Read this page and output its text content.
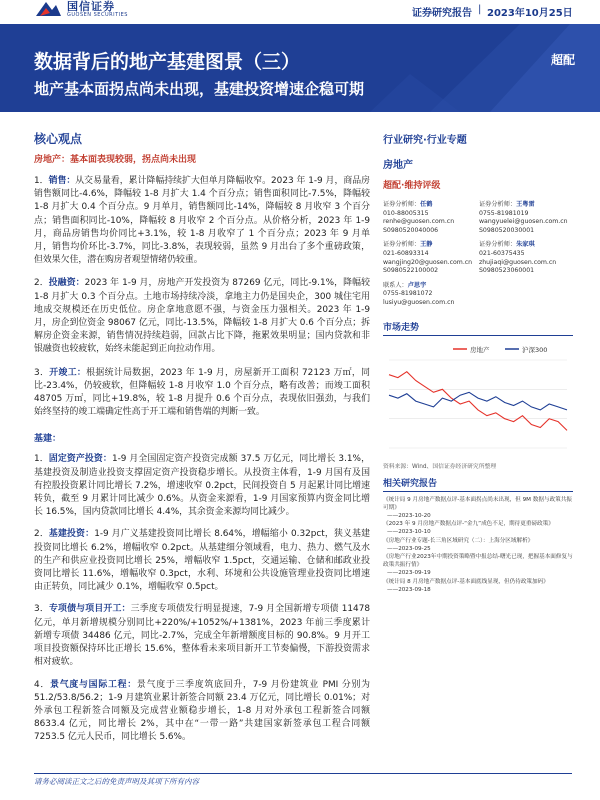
国信证券
GUOSEN SECURITIES	证券研究报告 | 2023年10月25日
数据背后的地产基建图景（三）
地产基本面拐点尚未出现，基建投资增速企稳可期
超配
核心观点
房地产：基本面表现较弱，拐点尚未出现

1．销售：从交易量看，累计降幅持续扩大但单月降幅收窄。2023 年 1-9 月，商品房销售额同比-4.6%，降幅较 1-8 月扩大 1.4 个百分点；销售面积同比-7.5%，降幅较 1-8 月扩大 0.4 个百分点。9 月单月，销售额同比-14%，降幅较 8 月收窄 3 个百分点；销售面积同比-10%，降幅较 8 月收窄 2 个百分点。从价格分析，2023 年 1-9 月，商品房销售均价同比+3.1%，较 1-8 月收窄了 1 个百分点；2023 年 9 月单月，销售均价环比-3.7%，同比-3.8%，表现较弱，虽然 9 月出台了多个重磅政策，但效果欠佳，潜在购房者观望情绪仍较重。

2．投融资：2023 年 1-9 月，房地产开发投资为 87269 亿元，同比-9.1%，降幅较 1-8 月扩大 0.3 个百分点。土地市场持续冷淡，拿地主力仍是国央企，300 城住宅用地成交规模还在历史低位。房企拿地意愿不强，与资金压力强相关。2023 年 1-9 月，房企到位资金 98067 亿元，同比-13.5%，降幅较 1-8 月扩大 0.6 个百分点；拆解房企资金来源，销售情况持续趋弱，回款占比下降，拖累效果明显；国内贷款和非银融资也较疲软，始终未能起到正向拉动作用。

3．开竣工：根据统计局数据，2023 年 1-9 月，房屋新开工面积 72123 万㎡，同比-23.4%，仍较疲软，但降幅较 1-8 月收窄 1.0 个百分点，略有改善；而竣工面积 48705 万㎡，同比+19.8%，较 1-8 月提升 0.6 个百分点，表现依旧强劲，与我们始终坚持的竣工端确定性高于开工端和销售端的判断一致。

基建：

1．固定资产投资：1-9 月全国固定资产投资完成额 37.5 万亿元，同比增长 3.1%，基建投资及制造业投资支撑固定资产投资稳步增长。从投资主体看，1-9 月国有及国有控股投资累计同比增长 7.2%，增速收窄 0.2pct，民间投资自 5 月起累计同比增速转负，截至 9 月累计同比减少 0.6%。从资金来源看，1-9 月国家预算内资金同比增长 16.5%，国内贷款同比增长 4.4%，其余资金来源均同比减少。

2．基建投资：1-9 月广义基建投资同比增长 8.64%，增幅缩小 0.32pct，狭义基建投资同比增长 6.2%，增幅收窄 0.2pct。从基建细分领域看，电力、热力、燃气及水的生产和供应业投资同比增长 25%，增幅收窄 1.5pct，交通运输、仓储和邮政业投资同比增长 11.6%，增幅收窄 0.3pct，水利、环境和公共设施管理业投资同比增速由正转负，同比减少 0.1%，增幅收窄 0.5pct。

3．专项债与项目开工：三季度专项债发行明显提速，7-9 月全国新增专项债 11478 亿元，单月新增规模分别同比+220%/+1052%/+1381%，2023 年前三季度累计新增专项债 34486 亿元，同比-2.7%，完成全年新增额度目标的 90.8%。9 月开工项目投资额保持环比正增长 15.6%，整体看未来项目新开工节奏偏慢，下游投资需求相对疲软。

4．景气度与国际工程：景气度于三季度筑底回升，7-9 月份建筑业 PMI 分别为 51.2/53.8/56.2；1-9 月建筑业累计新签合同额 23.4 万亿元，同比增长 0.01%；对外承包工程新签合同额及完成营业额稳步增长，1-8 月对外承包工程新签合同额 8633.4 亿元，同比增长 2%，其中在“一带一路”共建国家新签承包工程合同额 7253.5 亿元人民币，同比增长 5.6%。

行业研究·行业专题
房地产
超配·维持评级
证券分析师：任鹤
010-88005315
renhe@guosen.com.cn
S0980520040006
证券分析师：王粤雷
0755-81981019
wangyuelei@guosen.com.cn
S0980520030001
证券分析师：王静
021-60893314
wangjing20@guosen.com.cn
S0980522100002
证券分析师：朱家琪
021-60375435
zhujiaqi@guosen.com.cn
S0980523060001
联系人：卢思宇
0755-81981072
lusiyu@guosen.com.cn
市场走势
房地产	沪深300
资料来源：Wind、国信证券经济研究所整理
相关研究报告
《统计局 9 月房地产数据点评-基本面拐点尚未出现，但 9M 数据与政策共振可期》
——2023-10-20
《2023 年 9 月房地产数据点评-“金九”成色不足，期待更重磅政策》
——2023-10-10
《房地产行业专题-长三角区域研究（二）：上海分区域解析》
——2023-09-25
《房地产行业2023年中期投资策略暨中报总结-曙光已现，把握基本面修复与政策共振行情》
——2023-09-19
《统计局 8 月房地产数据点评-基本面底线显现，但仍待政策加码》
——2023-09-18
请务必阅读正文之后的免责声明及其项下所有内容
